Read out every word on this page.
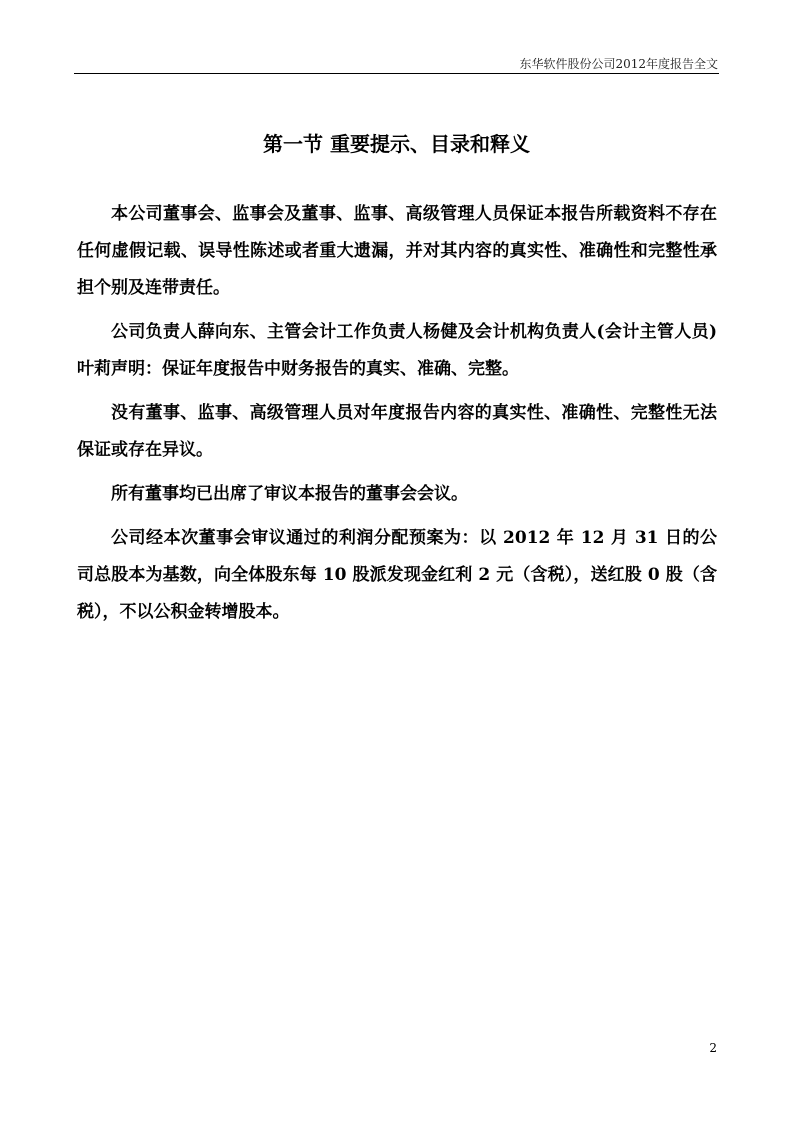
东华软件股份公司2012年度报告全文
第一节 重要提示、目录和释义

本公司董事会、监事会及董事、监事、高级管理人员保证本报告所载资料不存在任何虚假记载、误导性陈述或者重大遗漏，并对其内容的真实性、准确性和完整性承担个别及连带责任。

公司负责人薛向东、主管会计工作负责人杨健及会计机构负责人(会计主管人员)叶莉声明：保证年度报告中财务报告的真实、准确、完整。

没有董事、监事、高级管理人员对年度报告内容的真实性、准确性、完整性无法保证或存在异议。

所有董事均已出席了审议本报告的董事会会议。

公司经本次董事会审议通过的利润分配预案为：以 2012 年 12 月 31 日的公司总股本为基数，向全体股东每 10 股派发现金红利 2 元（含税），送红股 0 股（含税），不以公积金转增股本。

2
